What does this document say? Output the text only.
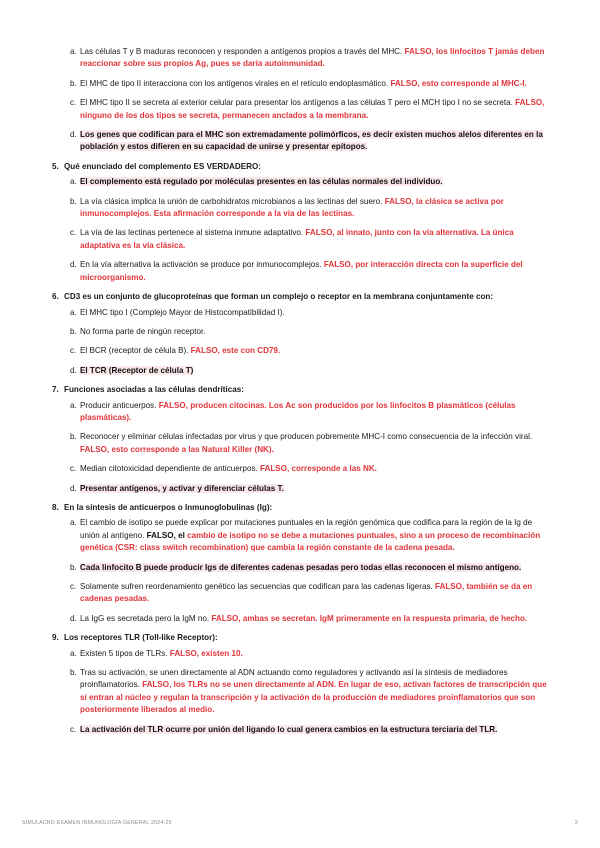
a. Las células T y B maduras reconocen y responden a antígenos propios a través del MHC. FALSO, los linfocitos T jamás deben reaccionar sobre sus propios Ag, pues se daría autoinmunidad.
b. El MHC de tipo II interacciona con los antígenos virales en el retículo endoplasmático. FALSO, esto corresponde al MHC-I.
c. El MHC tipo II se secreta al exterior celular para presentar los antígenos a las células T pero el MCH tipo I no se secreta. FALSO, ninguno de los dos tipos se secreta, permanecen anclados a la membrana.
d. Los genes que codifican para el MHC son extremadamente polimórficos, es decir existen muchos alelos diferentes en la población y estos difieren en su capacidad de unirse y presentar epítopos.
5. Qué enunciado del complemento ES VERDADERO:
a. El complemento está regulado por moléculas presentes en las células normales del individuo.
b. La vía clásica implica la unión de carbohidratos microbianos a las lectinas del suero. FALSO, la clásica se activa por inmunocomplejos. Esta afirmación corresponde a la vía de las lectinas.
c. La vía de las lectinas pertenece al sistema inmune adaptativo. FALSO, al innato, junto con la vía alternativa. La única adaptativa es la vía clásica.
d. En la vía alternativa la activación se produce por inmunocomplejos. FALSO, por interacción directa con la superficie del microorganismo.
6. CD3 es un conjunto de glucoproteínas que forman un complejo o receptor en la membrana conjuntamente con:
a. El MHC tipo I (Complejo Mayor de Histocompatibilidad I).
b. No forma parte de ningún receptor.
c. El BCR (receptor de célula B). FALSO, este con CD79.
d. El TCR (Receptor de célula T)
7. Funciones asociadas a las células dendríticas:
a. Producir anticuerpos. FALSO, producen citocinas. Los Ac son producidos por los linfocitos B plasmáticos (células plasmáticas).
b. Reconocer y eliminar células infectadas por virus y que producen pobremente MHC-I como consecuencia de la infección viral. FALSO, esto corresponde a las Natural Killer (NK).
c. Median citotoxicidad dependiente de anticuerpos. FALSO, corresponde a las NK.
d. Presentar antígenos, y activar y diferenciar células T.
8. En la síntesis de anticuerpos o Inmunoglobulinas (Ig):
a. El cambio de isotipo se puede explicar por mutaciones puntuales en la región genómica que codifica para la región de la Ig de unión al antígeno. FALSO, el cambio de isotipo no se debe a mutaciones puntuales, sino a un proceso de recombinación genética (CSR: class switch recombination) que cambia la región constante de la cadena pesada.
b. Cada linfocito B puede producir Igs de diferentes cadenas pesadas pero todas ellas reconocen el mismo antígeno.
c. Solamente sufren reordenamiento genético las secuencias que codifican para las cadenas ligeras. FALSO, también se da en cadenas pesadas.
d. La IgG es secretada pero la IgM no. FALSO, ambas se secretan. IgM primeramente en la respuesta primaria, de hecho.
9. Los receptores TLR (Toll-like Receptor):
a. Existen 5 tipos de TLRs. FALSO, existen 10.
b. Tras su activación, se unen directamente al ADN actuando como reguladores y activando así la síntesis de mediadores proinflamatorios. FALSO, los TLRs no se unen directamente al ADN. En lugar de eso, activan factores de transcripción que sí entran al núcleo y regulan la transcripción y la activación de la producción de mediadores proinflamatorios que son posteriormente liberados al medio.
c. La activación del TLR ocurre por unión del ligando lo cual genera cambios en la estructura terciaria del TLR.
SIMULACRO EXAMEN INMUNOLOGÍA GENERAL 2024-25	2
